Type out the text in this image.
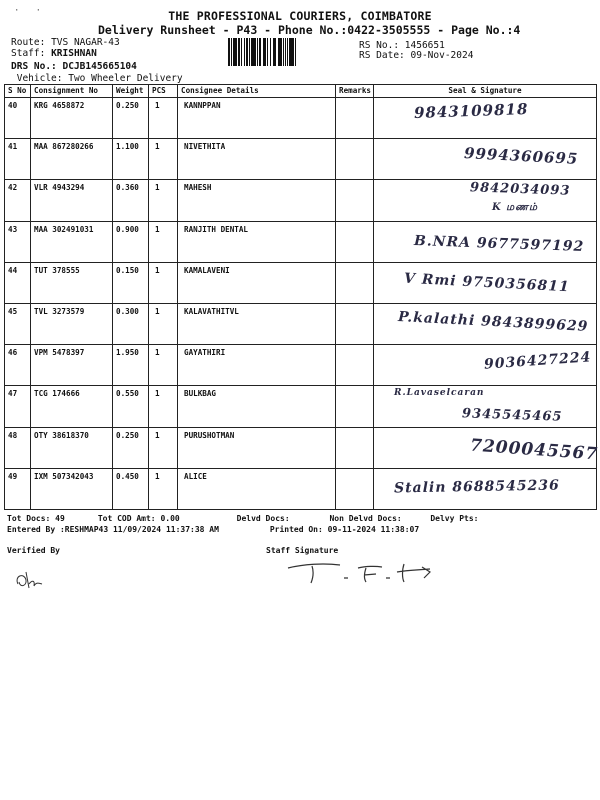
·   ·	THE PROFESSIONAL COURIERS, COIMBATORE
Delivery Runsheet - P43 - Phone No.:0422-3505555 - Page No.:4
Route: TVS NAGAR-43
Staff: KRISHNAN
DRS No.: DCJB145665104
Vehicle: Two Wheeler Delivery
RS No.: 1456651
RS Date: 09-Nov-2024
S No	Consignment No	Weight	PCS	Consignee Details	Remarks	Seal & Signature
40	KRG 4658872	0.250	1	KANNPPAN		9843109818

41	MAA 867280266	1.100	1	NIVETHITA		9994360695

42	VLR 4943294	0.360	1	MAHESH		9842034093
K மணம்

43	MAA 302491031	0.900	1	RANJITH DENTAL		B.NRA 9677597192

44	TUT 378555	0.150	1	KAMALAVENI		V Rmi 9750356811

45	TVL 3273579	0.300	1	KALAVATHITVL		P.kalathi 9843899629

46	VPM 5478397	1.950	1	GAYATHIRI		9036427224

47	TCG 174666	0.550	1	BULKBAG		9345545465
R.Lavaselcaran

48	OTY 38618370	0.250	1	PURUSHOTMAN		7200045567

49	IXM 507342043	0.450	1	ALICE		Stalin 8688545236
Tot Docs: 49	Tot COD Amt: 0.00	Delvd Docs:	Non Delvd Docs:	Delvy Pts:
Entered By :RESHMAP43 11/09/2024 11:37:38 AM	Printed On: 09-11-2024 11:38:07
Verified By	Staff Signature
